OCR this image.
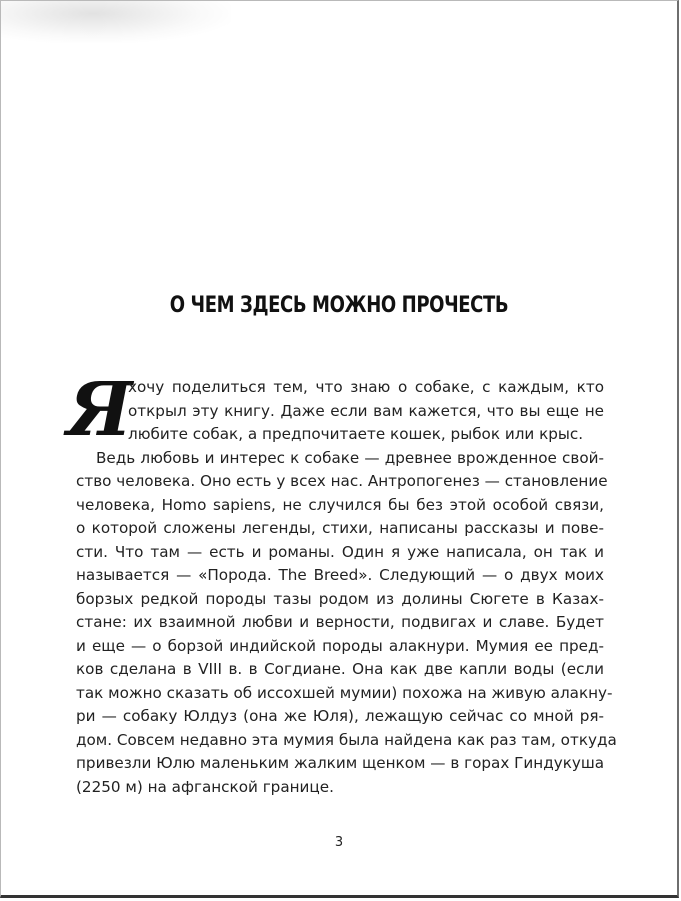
О ЧЕМ ЗДЕСЬ МОЖНО ПРОЧЕСТЬ
Я
хочу поделиться тем, что знаю о собаке, с каждым, кто
открыл эту книгу. Даже если вам кажется, что вы еще не
любите собак, а предпочитаете кошек, рыбок или крыс.
Ведь любовь и интерес к собаке — древнее врожденное свой-
ство человека. Оно есть у всех нас. Антропогенез — становление
человека, Homo sapiens, не случился бы без этой особой связи,
о которой сложены легенды, стихи, написаны рассказы и пове-
сти. Что там — есть и романы. Один я уже написала, он так и
называется — «Порода. The Breed». Следующий — о двух моих
борзых редкой породы тазы родом из долины Сюгете в Казах-
стане: их взаимной любви и верности, подвигах и славе. Будет
и еще — о борзой индийской породы алакнури. Мумия ее пред-
ков сделана в VIII в. в Согдиане. Она как две капли воды (если
так можно сказать об иссохшей мумии) похожа на живую алакну-
ри — собаку Юлдуз (она же Юля), лежащую сейчас со мной ря-
дом. Совсем недавно эта мумия была найдена как раз там, откуда
привезли Юлю маленьким жалким щенком — в горах Гиндукуша
(2250 м) на афганской границе.
3
